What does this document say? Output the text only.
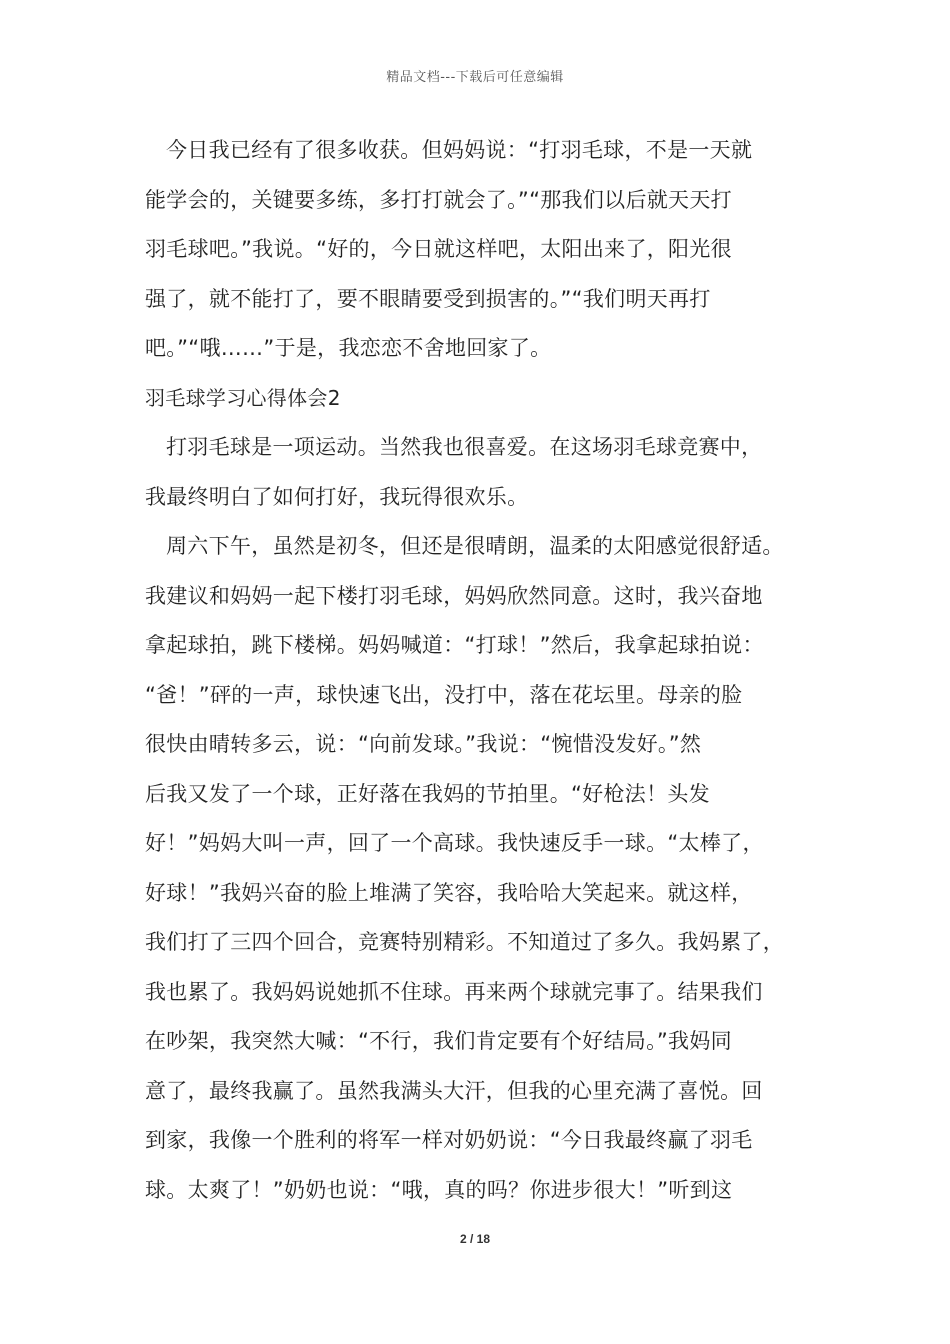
精品文档---下载后可任意编辑
今日我已经有了很多收获。但妈妈说：“打羽毛球，不是一天就
能学会的，关键要多练，多打打就会了。”“那我们以后就天天打
羽毛球吧。”我说。“好的，今日就这样吧，太阳出来了，阳光很
强了，就不能打了，要不眼睛要受到损害的。”“我们明天再打
吧。”“哦……”于是，我恋恋不舍地回家了。
羽毛球学习心得体会2
打羽毛球是一项运动。当然我也很喜爱。在这场羽毛球竞赛中，
我最终明白了如何打好，我玩得很欢乐。
周六下午，虽然是初冬，但还是很晴朗，温柔的太阳感觉很舒适。
我建议和妈妈一起下楼打羽毛球，妈妈欣然同意。这时，我兴奋地
拿起球拍，跳下楼梯。妈妈喊道：“打球！”然后，我拿起球拍说：
“爸！”砰的一声，球快速飞出，没打中，落在花坛里。母亲的脸
很快由晴转多云，说：“向前发球。”我说：“惋惜没发好。”然
后我又发了一个球，正好落在我妈的节拍里。“好枪法！头发
好！”妈妈大叫一声，回了一个高球。我快速反手一球。“太棒了，
好球！”我妈兴奋的脸上堆满了笑容，我哈哈大笑起来。就这样，
我们打了三四个回合，竞赛特别精彩。不知道过了多久。我妈累了，
我也累了。我妈妈说她抓不住球。再来两个球就完事了。结果我们
在吵架，我突然大喊：“不行，我们肯定要有个好结局。”我妈同
意了，最终我赢了。虽然我满头大汗，但我的心里充满了喜悦。回
到家，我像一个胜利的将军一样对奶奶说：“今日我最终赢了羽毛
球。太爽了！”奶奶也说：“哦，真的吗？你进步很大！”听到这
2 / 18
